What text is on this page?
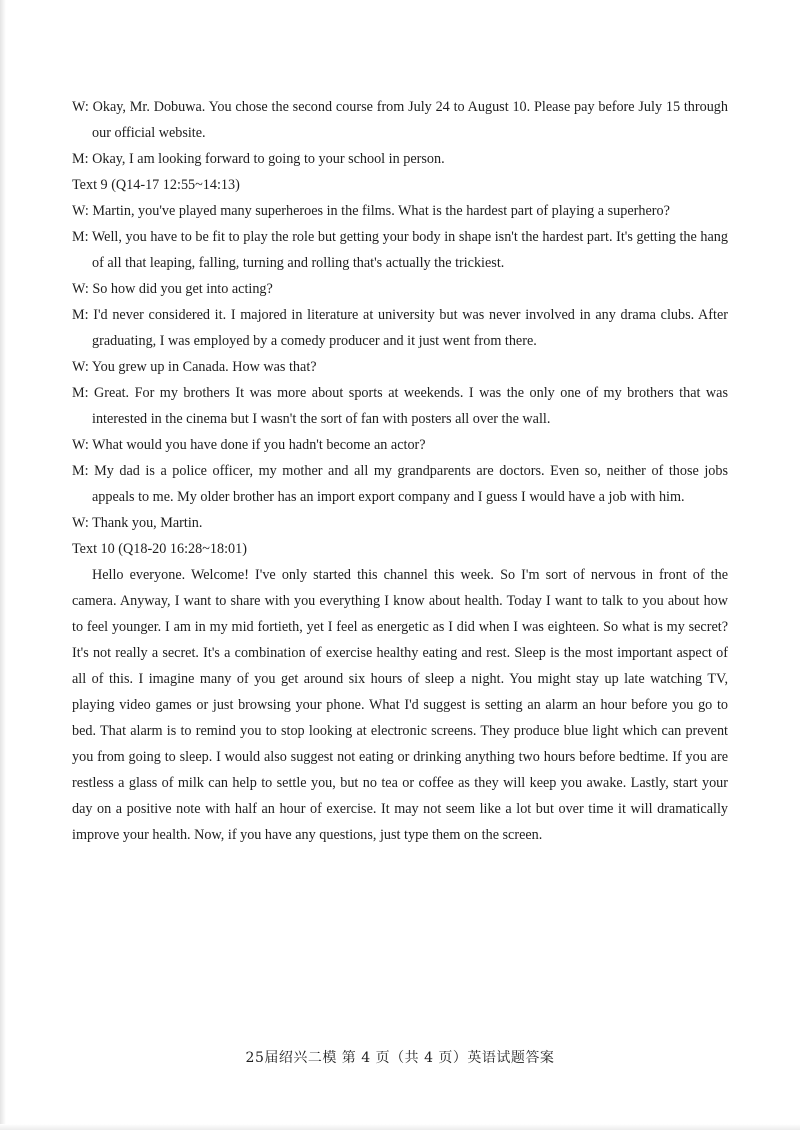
W: Okay, Mr. Dobuwa. You chose the second course from July 24 to August 10. Please pay before July 15 through our official website.
M: Okay, I am looking forward to going to your school in person.
Text 9 (Q14-17 12:55~14:13)
W: Martin, you've played many superheroes in the films. What is the hardest part of playing a superhero?
M: Well, you have to be fit to play the role but getting your body in shape isn't the hardest part. It's getting the hang of all that leaping, falling, turning and rolling that's actually the trickiest.
W: So how did you get into acting?
M: I'd never considered it. I majored in literature at university but was never involved in any drama clubs. After graduating, I was employed by a comedy producer and it just went from there.
W: You grew up in Canada. How was that?
M: Great. For my brothers It was more about sports at weekends. I was the only one of my brothers that was interested in the cinema but I wasn't the sort of fan with posters all over the wall.
W: What would you have done if you hadn't become an actor?
M: My dad is a police officer, my mother and all my grandparents are doctors. Even so, neither of those jobs appeals to me. My older brother has an import export company and I guess I would have a job with him.
W: Thank you, Martin.
Text 10 (Q18-20 16:28~18:01)
Hello everyone. Welcome! I've only started this channel this week. So I'm sort of nervous in front of the camera. Anyway, I want to share with you everything I know about health. Today I want to talk to you about how to feel younger. I am in my mid fortieth, yet I feel as energetic as I did when I was eighteen. So what is my secret? It's not really a secret. It's a combination of exercise healthy eating and rest. Sleep is the most important aspect of all of this. I imagine many of you get around six hours of sleep a night. You might stay up late watching TV, playing video games or just browsing your phone. What I'd suggest is setting an alarm an hour before you go to bed. That alarm is to remind you to stop looking at electronic screens. They produce blue light which can prevent you from going to sleep. I would also suggest not eating or drinking anything two hours before bedtime. If you are restless a glass of milk can help to settle you, but no tea or coffee as they will keep you awake. Lastly, start your day on a positive note with half an hour of exercise. It may not seem like a lot but over time it will dramatically improve your health. Now, if you have any questions, just type them on the screen.
25届绍兴二模 第 4 页（共 4 页）英语试题答案
